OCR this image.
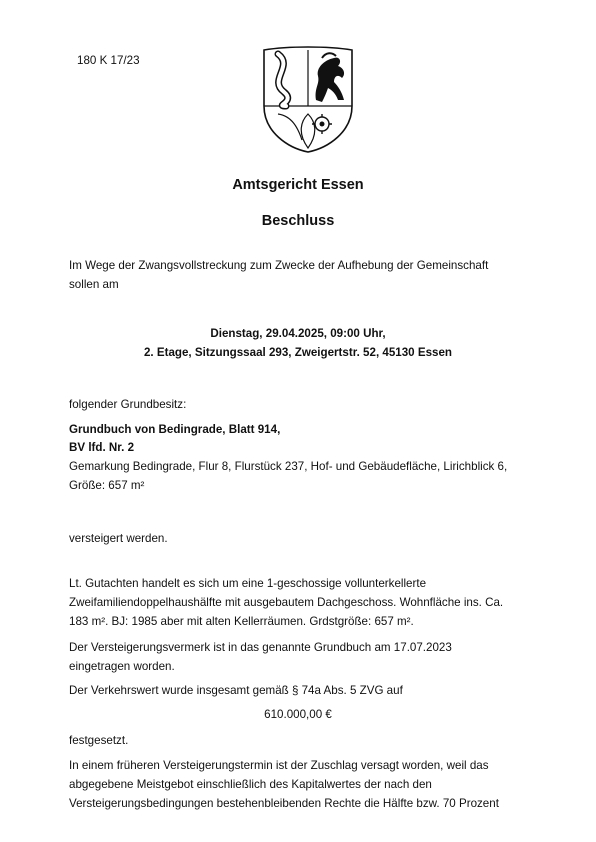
180 K 17/23
Amtsgericht Essen
Beschluss
Im Wege der Zwangsvollstreckung zum Zwecke der Aufhebung der Gemeinschaft
sollen am
Dienstag, 29.04.2025, 09:00 Uhr,
2. Etage, Sitzungssaal 293, Zweigertstr. 52, 45130 Essen
folgender Grundbesitz:
Grundbuch von Bedingrade, Blatt 914,
BV lfd. Nr. 2
Gemarkung Bedingrade, Flur 8, Flurstück 237, Hof- und Gebäudefläche, Lirichblick 6,
Größe: 657 m²
versteigert werden.
Lt. Gutachten handelt es sich um eine 1-geschossige vollunterkellerte
Zweifamiliendoppelhaushälfte mit ausgebautem Dachgeschoss. Wohnfläche ins. Ca.
183 m². BJ: 1985 aber mit alten Kellerräumen. Grdstgröße: 657 m².
Der Versteigerungsvermerk ist in das genannte Grundbuch am 17.07.2023
eingetragen worden.
Der Verkehrswert wurde insgesamt gemäß § 74a Abs. 5 ZVG auf
610.000,00 €
festgesetzt.
In einem früheren Versteigerungstermin ist der Zuschlag versagt worden, weil das
abgegebene Meistgebot einschließlich des Kapitalwertes der nach den
Versteigerungsbedingungen bestehenbleibenden Rechte die Hälfte bzw. 70 Prozent
